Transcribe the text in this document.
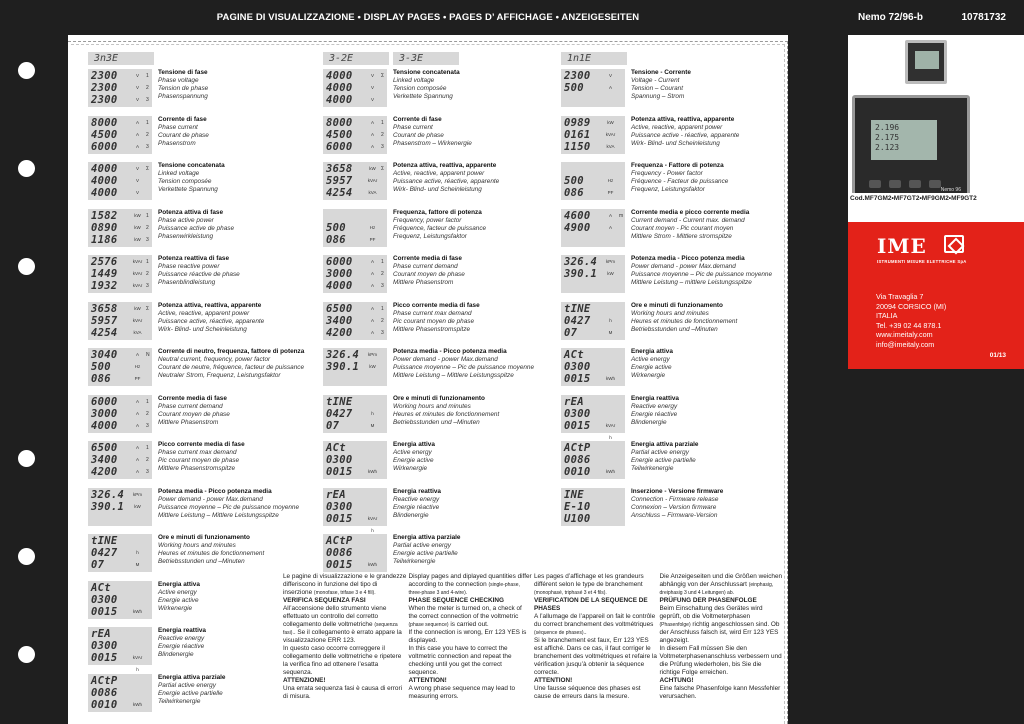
PAGINE DI VISUALIZZAZIONE • DISPLAY PAGES • PAGES D’ AFFICHAGE • ANZEIGESEITEN
3n3E	3-2E	3-3E	1n1E
2300	V	1
2300	V	2
2300	V	3
Tensione di fase
Phase voltage
Tension de phase
Phasenspannung
8000	A	1
4500	A	2
6000	A	3
Corrente di fase
Phase current
Courant de phase
Phasenstrom
4000	V	Σ
4000	V
4000	V
Tensione concatenata
Linked voltage
Tension composée
Verkettete Spannung
1582	kW	1
0890	kW	2
1186	kW	3
Potenza attiva di fase
Phase active power
Puissance active de phase
Phasenwirkleistung
2576	kVAr 1
1449	kVAr 2
1932	kVAr 3
Potenza reattiva di fase
Phase reactive power
Puissance réactive de phase
Phasenblindleistung
3658	kW	Σ
5957	kVAr
4254	kVA
Potenza attiva, reattiva, apparente
Active, reactive, apparent power
Puissance active, réactive, apparente
Wirk- Blind- und Scheinleistung
3040	A	N
500	Hz
086	PF
Corrente di neutro, frequenza, fattore di potenza
Neutral current, frequency, power factor
Courant de neutre, fréquence, facteur de puissance
Neutraler Strom, Frequenz, Leistungsfaktor
6000	A	1
3000	A	2
4000	A	3
Corrente media di fase
Phase current demand
Courant moyen de phase
Mittlere Phasenstrom
6500	A	1
3400	A	2
4200	A	3
Picco corrente media di fase
Phase current max demand
Pic courant moyen de phase
Mittlere Phasenstromspitze
326.4	kPm
390.1	kW
Potenza media - Picco potenza media
Power demand - power Max.demand
Puissance moyenne – Pic de puissance moyenne
Mittlere Leistung – Mittlere Leistungsspitze
tINE
0427	h
07	M
Ore e minuti di funzionamento
Working hours and minutes
Heures et minutes de fonctionnement
Betriebsstunden und –Minuten
ACt
0300
0015	kWh
Energia attiva
Active energy
Energie active
Wirkenergie
rEA
0300
0015	kVAr h
Energia reattiva
Reactive energy
Energie réactive
Blindenergie
ACtP
0086
0010	kWh
Energia attiva parziale
Partial active energy
Energie active partielle
Teilwirkenergie
4000	V	Σ
4000	V
4000	V
Tensione concatenata
Linked voltage
Tension composée
Verkettete Spannung
8000	A	1
4500	A	2
6000	A	3
Corrente di fase
Phase current
Courant de phase
Phasenstrom – Wirkenergie
3658	kW	Σ
5957	kVAr
4254	kVA
Potenza attiva, reattiva, apparente
Active, reactive, apparent power
Puissance active, réactive, apparente
Wirk- Blind- und Scheinleistung
500	Hz
086	PF
Frequenza, fattore di potenza
Frequency, power factor
Fréquence, facteur de puissance
Frequenz, Leistungsfaktor
6000	A	1
3000	A	2
4000	A	3
Corrente media di fase
Phase current demand
Courant moyen de phase
Mittlere Phasenstrom
6500	A	1
3400	A	2
4200	A	3
Picco corrente media di fase
Phase current max demand
Pic courant moyen de phase
Mittlere Phasenstromspitze
326.4	kPm
390.1	kW
Potenza media - Picco potenza media
Power demand - power Max.demand
Puissance moyenne – Pic de puissance moyenne
Mittlere Leistung – Mittlere Leistungsspitze
tINE
0427	h
07	M
Ore e minuti di funzionamento
Working hours and minutes
Heures et minutes de fonctionnement
Betriebsstunden und –Minuten
ACt
0300
0015	kWh
Energia attiva
Active energy
Energie active
Wirkenergie
rEA
0300
0015	kVAr h
Energia reattiva
Reactive energy
Energie réactive
Blindenergie
ACtP
0086
0015	kWh
Energia attiva parziale
Partial active energy
Energie active partielle
Teilwirkenergie
2300	V
500	A
Tensione - Corrente
Voltage - Current
Tension – Courant
Spannung – Strom
0989	kW
0161	kVAr
1150	kVA
Potenza attiva, reattiva, apparente
Active, reactive, apparent power
Puissance active - réactive, apparente
Wirk- Blind- und Scheinleistung
500	Hz
086	PF
Frequenza - Fattore di potenza
Frequency - Power factor
Fréquence - Facteur de puissance
Frequenz, Leistungsfaktor
4600	A	m
4900	A
Corrente media e picco corrente media
Current demand - Current max. demand
Courant moyen - Pic courant moyen
Mittlere Strom - Mittlere stromspitze
326.4	kPm
390.1	kW
Potenza media - Picco potenza media
Power demand - power Max.demand
Puissance moyenne – Pic de puissance moyenne
Mittlere Leistung – mittlere Leistungsspitze
tINE
0427	h
07	M
Ore e minuti di funzionamento
Working hours and minutes
Heures et minutes de fonctionnement
Betriebsstunden und –Minuten
ACt
0300
0015	kWh
Energia attiva
Active energy
Energie active
Wirkenergie
rEA
0300
0015	kVAr h
Energia reattiva
Reactive energy
Energie réactive
Blindenergie
ACtP
0086
0010	kWh
Energia attiva parziale
Partial active energy
Energie active partielle
Teilwirkenergie
INE
E-10
U100
Inserzione - Versione firmware
Connection - Firmware release
Connexion – Version firmware
Anschluss – Firmware-Version
Le pagine di visualizzazione e le grandezze differiscono in funzione del tipo di inserzione (monofase, trifase 3 e 4 fili).
VERIFICA SEQUENZA FASI
All’accensione dello strumento viene effettuato un controllo del corretto collegamento delle voltmetriche (sequenza fasi).. Se il collegamento è errato appare la visualizzazione ERR 123.
In questo caso occorre correggere il collegamento delle voltmetriche e ripetere la verifica fino ad ottenere l’esatta sequenza.
ATTENZIONE!
Una errata sequenza fasi è causa di errori di misura.
Display pages and diplayed quantities differ according to the connection (single-phase, three-phase 3 and 4-wire).
PHASE SEQUENCE CHECKING
When the meter is turned on, a check of the correct connection of the voltmetric (phase sequence) is carried out.
If the connection is wrong, Err 123 YES is displayed.
In this case you have to correct the voltmetric connection and repeat the checking until you get the correct sequence.
ATTENTION!
A wrong phase sequence may lead to measuring errors.
Les pages d’affichage et les grandeurs différent selon le type de branchement (monophasé, triphasé 3 et 4 fils).
VERIFICATION DE LA SEQUENCE DE PHASES
A l’allumage de l’appareil on fait le contrôle du correct branchement des voltmétriques (séquence de phases)..
Si le branchement est faux, Err 123 YES est affiché. Dans ce cas, il faut corriger le branchement des voltmétriques et refaire la vérification jusqu’à obtenir la séquence correcte.
ATTENTION!
Une fausse séquence des phases est cause de erreurs dans la mesure.
Die Anzeigeseiten und die Größen weichen abhängig von der Anschlussart (einphasig, dreiphasig 3 und 4 Leitungen) ab.
PRÜFUNG DER PHASENFOLGE
Beim Einschaltung des Gerätes wird geprüft, ob die Voltmeterphasen (Phasenfolge) richtig angeschlossen sind. Ob der Anschluss falsch ist, wird Err 123 YES angezeigt.
In diesem Fall müssen Sie den Voltmeterphasenanschluss verbessern und die Prüfung wiederholen, bis Sie die richtige Folge erreichen.
ACHTUNG!
Eine falsche Phasenfolge kann Messfehler verursachen.
Nemo 72/96-b	10781732
2.196
2.175
2.123
Nemo 96
Cod.MF7GM2•MF7GT2•MF9GM2•MF9GT2
IME
ISTRUMENTI MISURE ELETTRICHE SpA
Via Travaglia 7
20094 CORSICO (MI)
ITALIA
Tel. +39 02 44 878.1
www.imeitaly.com
info@imeitaly.com
01/13
